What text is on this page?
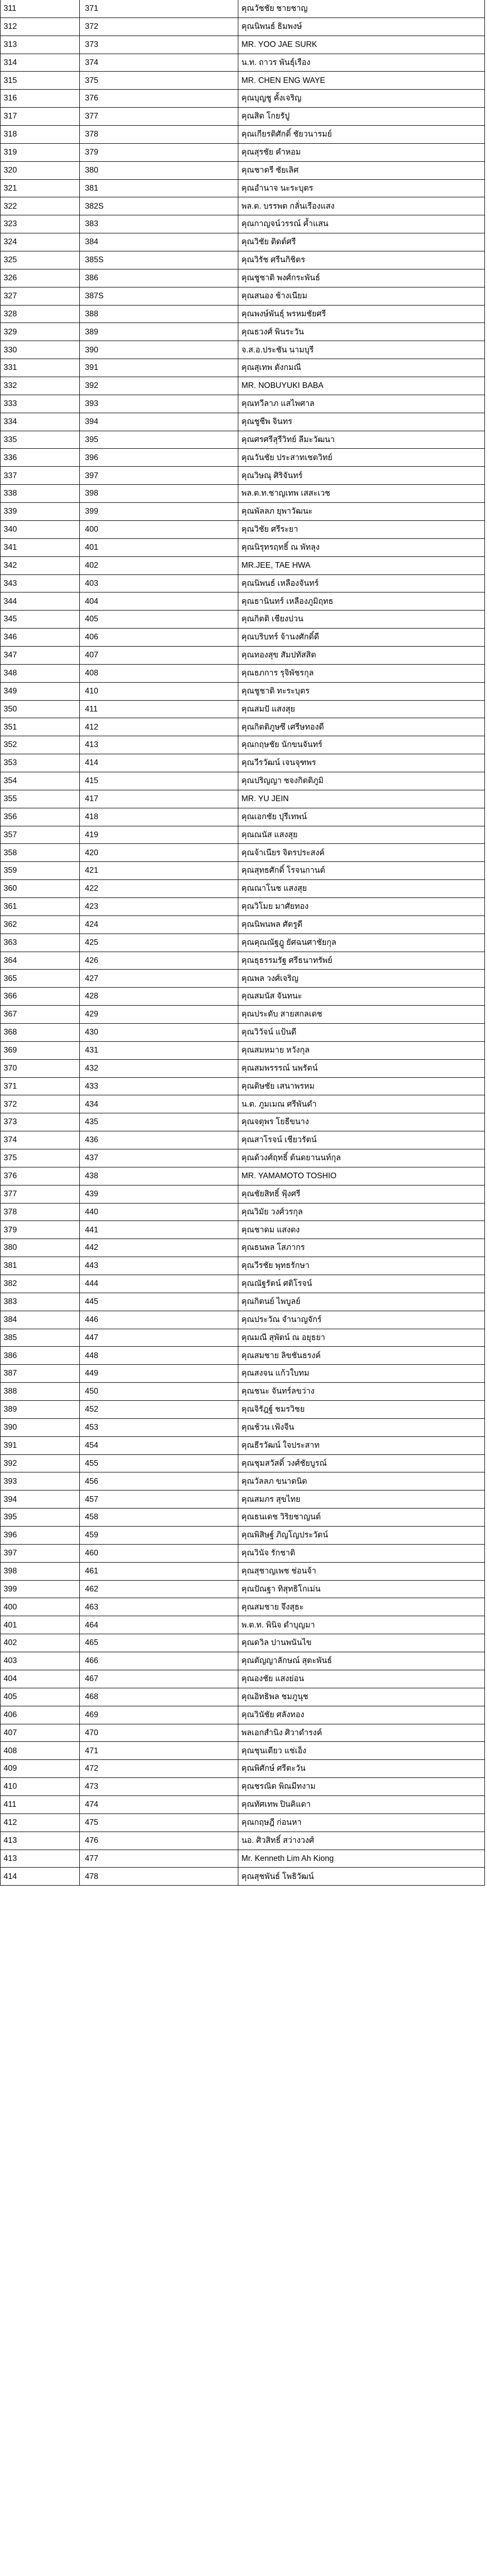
311	371	คุณวัชชัย ชายชาญ
312	372	คุณนิพนธ์ ธิมพงษ์
313	373	MR. YOO JAE SURK
314	374	น.ท. ถาวร พันธุ์เรือง
315	375	MR. CHEN ENG WAYE
316	376	คุณบุญชู คั้งเจริญ
317	377	คุณสิต โกยรัปู
318	378	คุณเกียรติศักดิ์ ชัยวนารมย์
319	379	คุณสุรชัย คำหอม
320	380	คุณชาตรี ชัยเลิศ
321	381	คุณอำนาจ นะระบุตร
322	382S	พล.ต. บรรพต กลั่นเรืองแสง
323	383	คุณกาญจน์วรรณ์ ค้ำแสน
324	384	คุณวิชัย ติดต์ศรี
325	385S	คุณวิรัช ศรีนกิชิตร
326	386	คุณชูชาติ พงศ์กระพันธ์
327	387S	คุณสนอง ช้างเนียม
328	388	คุณพงษ์พันธุ์ พรหมชัยศรี
329	389	คุณธวงศ์ พินระวัน
330	390	จ.ส.อ.ประชัน นามบุรี
331	391	คุณสุเทพ ตังกมณี
332	392	MR. NOBUYUKI BABA
333	393	คุณทวีลาภ แสไพศาล
334	394	คุณชูชีพ จินทร
335	395	คุณศรศรีสุรีวิทย์ ลีมะวัฒนา
336	396	คุณวันชัย ประสาทเชตวิทย์
337	397	คุณวิษณุ ศิริจันทร์
338	398	พล.ต.ท.ชาญเทพ เสสะเวช
339	399	คุณพัลลภ ยุพาวัฒนะ
340	400	คุณวิชัย ศรีระยา
341	401	คุณนิรุทรฤทธิ์ ณ พัทลุง
342	402	MR.JEE, TAE HWA
343	403	คุณนิพนธ์ เหลืองจันทร์
344	404	คุณธานินทร์ เหลืองภูมิฤทธ
345	405	คุณกิตติ เชียงปวน
346	406	คุณบริบทร์ จ้านงศักดิ์ดี
347	407	คุณทองสุข สัมปทัสสิต
348	408	คุณธภการ รุจิพัชรกุล
349	410	คุณชูชาติ ทะระบุตร
350	411	คุณสมปั แสงสุย
351	412	คุณกิตติภูษซึ เศรีษทองดี
352	413	คุณกฤษชัย นักขนจันทร์
353	414	คุณวีรวัฒน์ เจนจุฑพร
354	415	คุณปริญญา ชจงกิตติภูมิ
355	417	MR. YU JEIN
356	418	คุณเอกชัย ปุรีเทพน์
357	419	คุณณนัส แสงสุย
358	420	คุณจ้าเนียร จิตรประสงค์
359	421	คุณสุทธศักดิ์ โรจนกานต์
360	422	คุณณาโนช แสงสุย
361	423	คุณวิโมย มาศัยทอง
362	424	คุณนิพนพล ศัตรูดี
363	425	คุณคุณณัฐฎู ยัศฉนศาชัยกุล
364	426	คุณธุธรรมรัฐ ศรีธนาทรัพย์
365	427	คุณพล วงศ์เจริญ
366	428	คุณสมนัส จันทนะ
367	429	คุณประดับ สายสกลเดช
368	430	คุณวิวัจน์ แป้นดี
369	431	คุณสมหมาย หวังกุล
370	432	คุณสมพรรรณ์ นพรัตน์
371	433	คุณดิษชัย เสนาพรหม
372	434	น.ต. ภูมเมณ ศรีพันดำ
373	435	คุณจตุพร โยธีขนาง
374	436	คุณสาโรจน์ เชียวรัตน์
375	437	คุณด้วงศ์ฤทธิ์ ต้นดยานนท์กุล
376	438	MR. YAMAMOTO TOSHIO
377	439	คุณชัยสิทธิ์ ฟุ้งศรี
378	440	คุณวิมัย วงศ์วรกุล
379	441	คุณชาดม แสงดง
380	442	คุณธนพล โสภากร
381	443	คุณวีรชัย พุทธรักษา
382	444	คุณณัฐรัตน์ ศติโรจน์
383	445	คุณกิตนย์ ไพบูลย์
384	446	คุณประวัณ จำนาญจักร์
385	447	คุณมณี สุพัตน์ ณ อยุธยา
386	448	คุณสมชาย ลิขชันธรงค์
387	449	คุณสงจน แก้วใบทม
388	450	คุณชนะ จันทร์ลขว่าง
389	452	คุณจิรัฎฐ์ ชมรวิชย
390	453	คุณช้วน เฟ้งจีน
391	454	คุณธีรวัฒน์ ใจประสาท
392	455	คุณชุมสวัสดิ์ วงศ์ชัยบูรณ์
393	456	คุณวัลลภ ขนาดนิด
394	457	คุณสมภร สุขไทย
395	458	คุณธนเดช วิริยชาญนต์
396	459	คุณพิสิษฐ์ ภิญโญประวัตน์
397	460	คุณวินัจ รักชาติ
398	461	คุณสุชาญเพช ช่อนจ้า
399	462	คุณปัณฐา ทิสุทธิโกเม่น
400	463	คุณสมชาย จึงสุธะ
401	464	พ.ต.ท. พินิจ ดำบุญมา
402	465	คุณดวิล ปานพนันไข
403	466	คุณตัญญาลักษณ์ สุตะพันธ์
404	467	คุณองชัย แสงย่อน
405	468	คุณอิทธิพล ชมภูนุช
406	469	คุณวินัชัย ศลังทอง
407	470	พลเอกสำนิง ศิวาดำรงค์
408	471	คุณชุนเตียว แช่เอ็ง
409	472	คุณพิศักษ์ ศรีตะวัน
410	473	คุณชรณิด พิณมีทงาม
411	474	คุณทัศเทพ ปินคิแดา
412	475	คุณกฤษฎี ก่อนหา
413	476	นอ. ศิวสิทธิ์ สว่างวงศ์
413	477	Mr. Kenneth Lim Ah Kiong
414	478	คุณสุชพันธ์ โพธิวัฒน์
